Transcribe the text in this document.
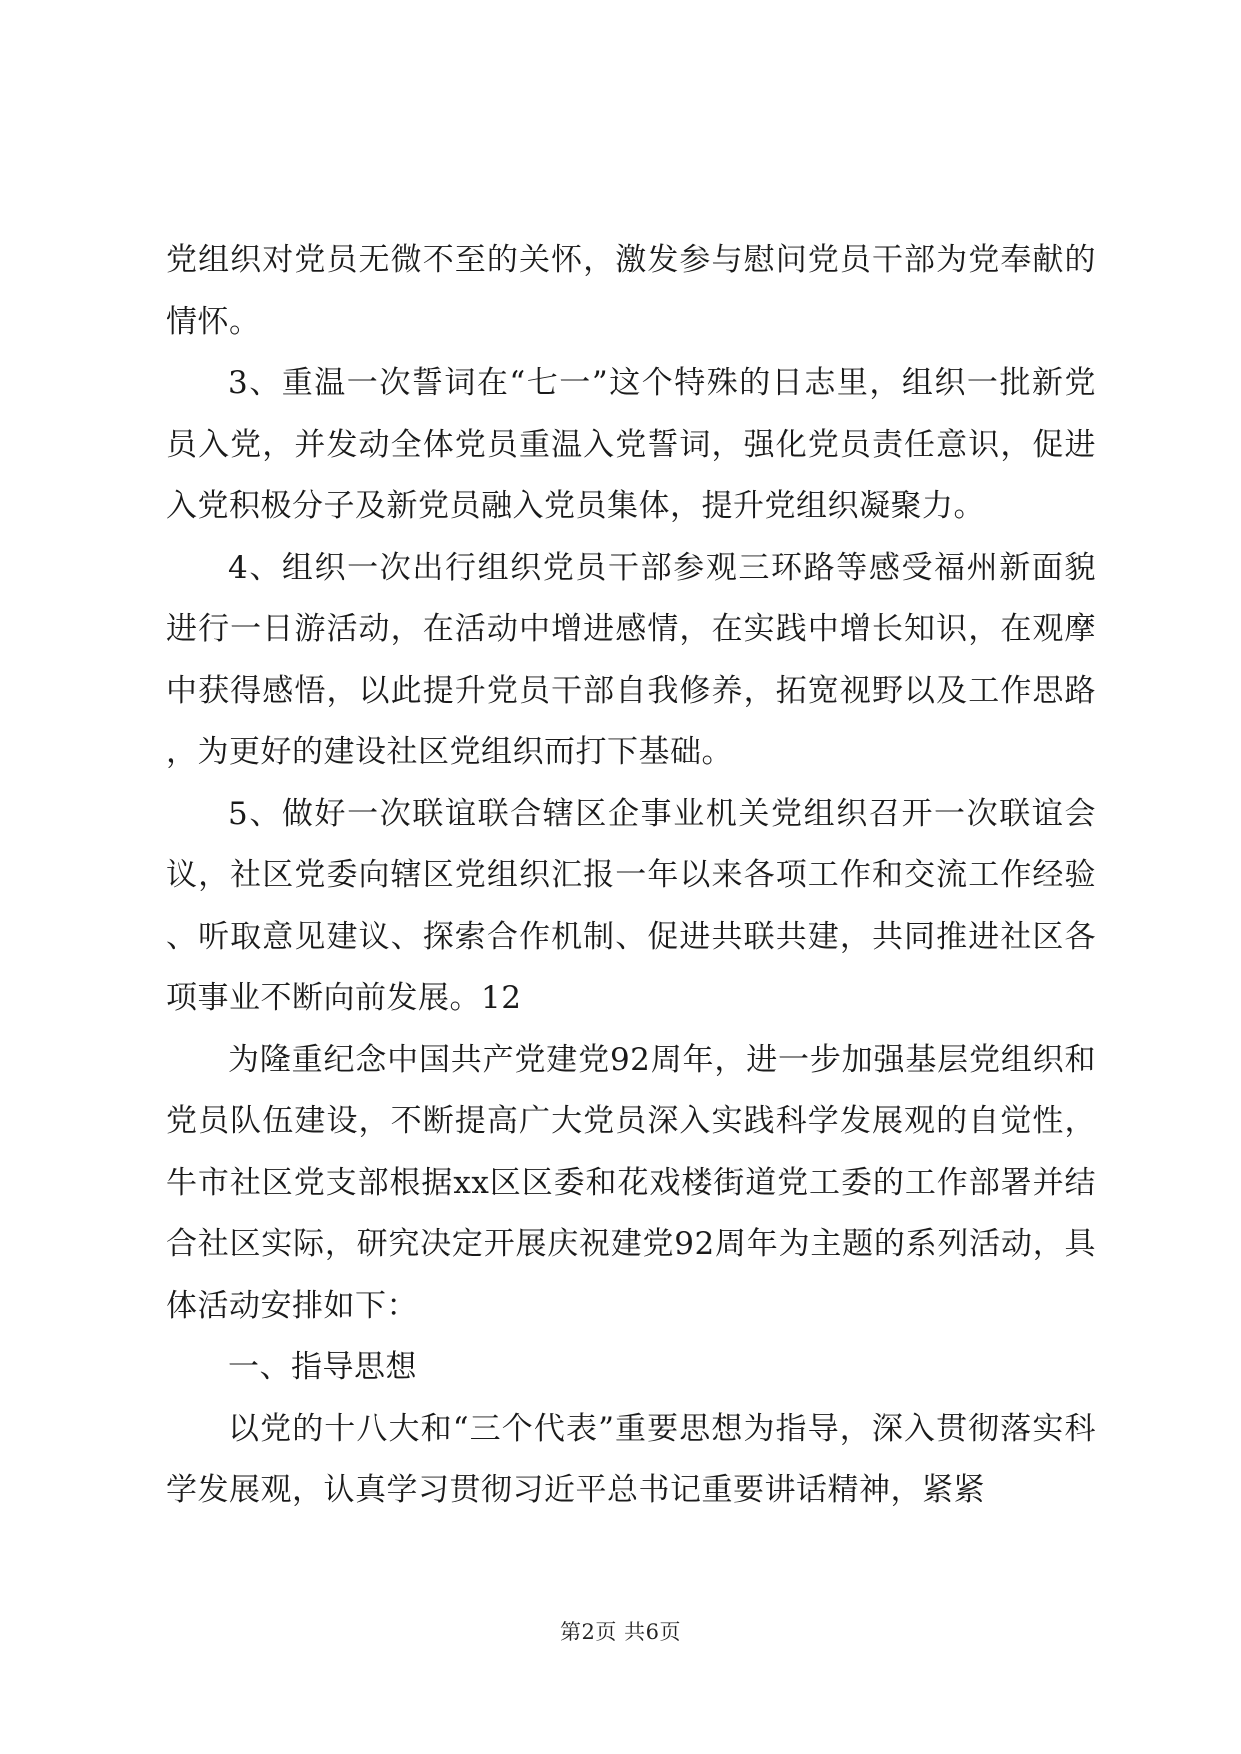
党组织对党员无微不至的关怀，激发参与慰问党员干部为党奉献的情怀。

3、重温一次誓词在“七一”这个特殊的日志里，组织一批新党员入党，并发动全体党员重温入党誓词，强化党员责任意识，促进入党积极分子及新党员融入党员集体，提升党组织凝聚力。

4、组织一次出行组织党员干部参观三环路等感受福州新面貌进行一日游活动，在活动中增进感情，在实践中增长知识，在观摩中获得感悟，以此提升党员干部自我修养，拓宽视野以及工作思路，为更好的建设社区党组织而打下基础。

5、做好一次联谊联合辖区企事业机关党组织召开一次联谊会议，社区党委向辖区党组织汇报一年以来各项工作和交流工作经验、听取意见建议、探索合作机制、促进共联共建，共同推进社区各项事业不断向前发展。12

为隆重纪念中国共产党建党92周年，进一步加强基层党组织和党员队伍建设，不断提高广大党员深入实践科学发展观的自觉性，牛市社区党支部根据xx区区委和花戏楼街道党工委的工作部署并结合社区实际，研究决定开展庆祝建党92周年为主题的系列活动，具体活动安排如下：

一、指导思想

以党的十八大和“三个代表”重要思想为指导，深入贯彻落实科学发展观，认真学习贯彻习近平总书记重要讲话精神，紧紧

第2页 共6页
